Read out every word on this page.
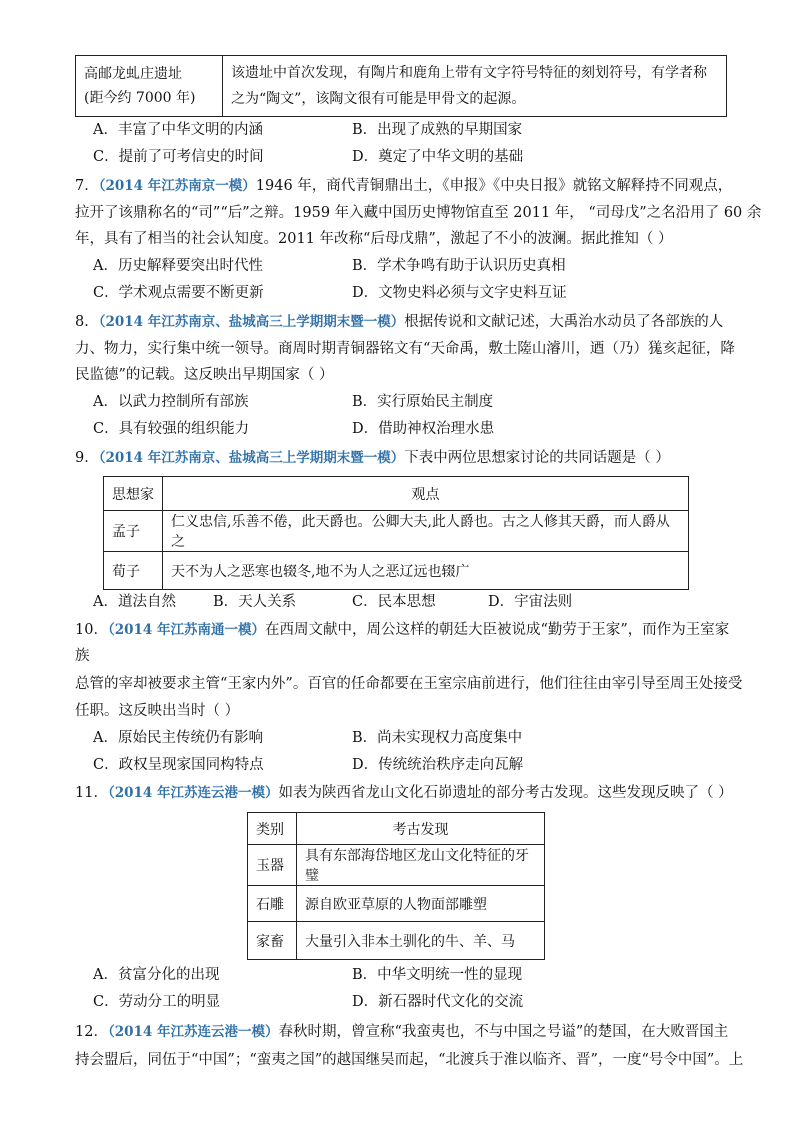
高邮龙虬庄遗址
(距今约 7000 年)

该遗址中首次发现，有陶片和鹿角上带有文字符号特征的刻划符号，有学者称
之为“陶文”，该陶文很有可能是甲骨文的起源。
A．丰富了中华文明的内涵	B．出现了成熟的早期国家
C．提前了可考信史的时间	D．奠定了中华文明的基础
7．（2014 年江苏南京一模）1946 年，商代青铜鼎出土，《申报》《中央日报》就铭文解释持不同观点，
拉开了该鼎称名的“司”“后”之辩。1959 年入藏中国历史博物馆直至 2011 年， “司母戊”之名沿用了 60 余
年，具有了相当的社会认知度。2011 年改称“后母戊鼎”，激起了不小的波澜。据此推知（ ）
A．历史解释要突出时代性	B．学术争鸣有助于认识历史真相
C．学术观点需要不断更新	D．文物史料必须与文字史料互证
8．（2014 年江苏南京、盐城高三上学期期末暨一模）根据传说和文献记述，大禹治水动员了各部族的人
力、物力，实行集中统一领导。商周时期青铜器铭文有“天命禹，敷土隓山濬川，迺（乃）獇亥起征，降
民监德”的记载。这反映出早期国家（ ）
A．以武力控制所有部族	B．实行原始民主制度
C．具有较强的组织能力	D．借助神权治理水患
9．（2014 年江苏南京、盐城高三上学期期末暨一模）下表中两位思想家讨论的共同话题是（ ）
思想家	观点
孟子	仁义忠信,乐善不倦，此天爵也。公卿大夫,此人爵也。古之人修其天爵，而人爵从之
荀子	天不为人之恶寒也辍冬,地不为人之恶辽远也辍广
A．道法自然	B．天人关系	C．民本思想	D．宇宙法则
10．（2014 年江苏南通一模）在西周文献中，周公这样的朝廷大臣被说成“勤劳于王家”，而作为王室家
族
总管的宰却被要求主管“王家内外”。百官的任命都要在王室宗庙前进行，他们往往由宰引导至周王处接受
任职。这反映出当时（ ）
A．原始民主传统仍有影响	B．尚未实现权力高度集中
C．政权呈现家国同构特点	D．传统统治秩序走向瓦解
11．（2014 年江苏连云港一模）如表为陕西省龙山文化石峁遗址的部分考古发现。这些发现反映了（ ）
类别	考古发现
玉器	具有东部海岱地区龙山文化特征的牙璧
石雕	源自欧亚草原的人物面部雕塑
家畜	大量引入非本土驯化的牛、羊、马
A．贫富分化的出现	B．中华文明统一性的显现
C．劳动分工的明显	D．新石器时代文化的交流
12．（2014 年江苏连云港一模）春秋时期，曾宣称“我蛮夷也，不与中国之号谥”的楚国，在大败晋国主
持会盟后，同伍于“中国”；“蛮夷之国”的越国继吴而起，“北渡兵于淮以临齐、晋”，一度“号令中国”。上
